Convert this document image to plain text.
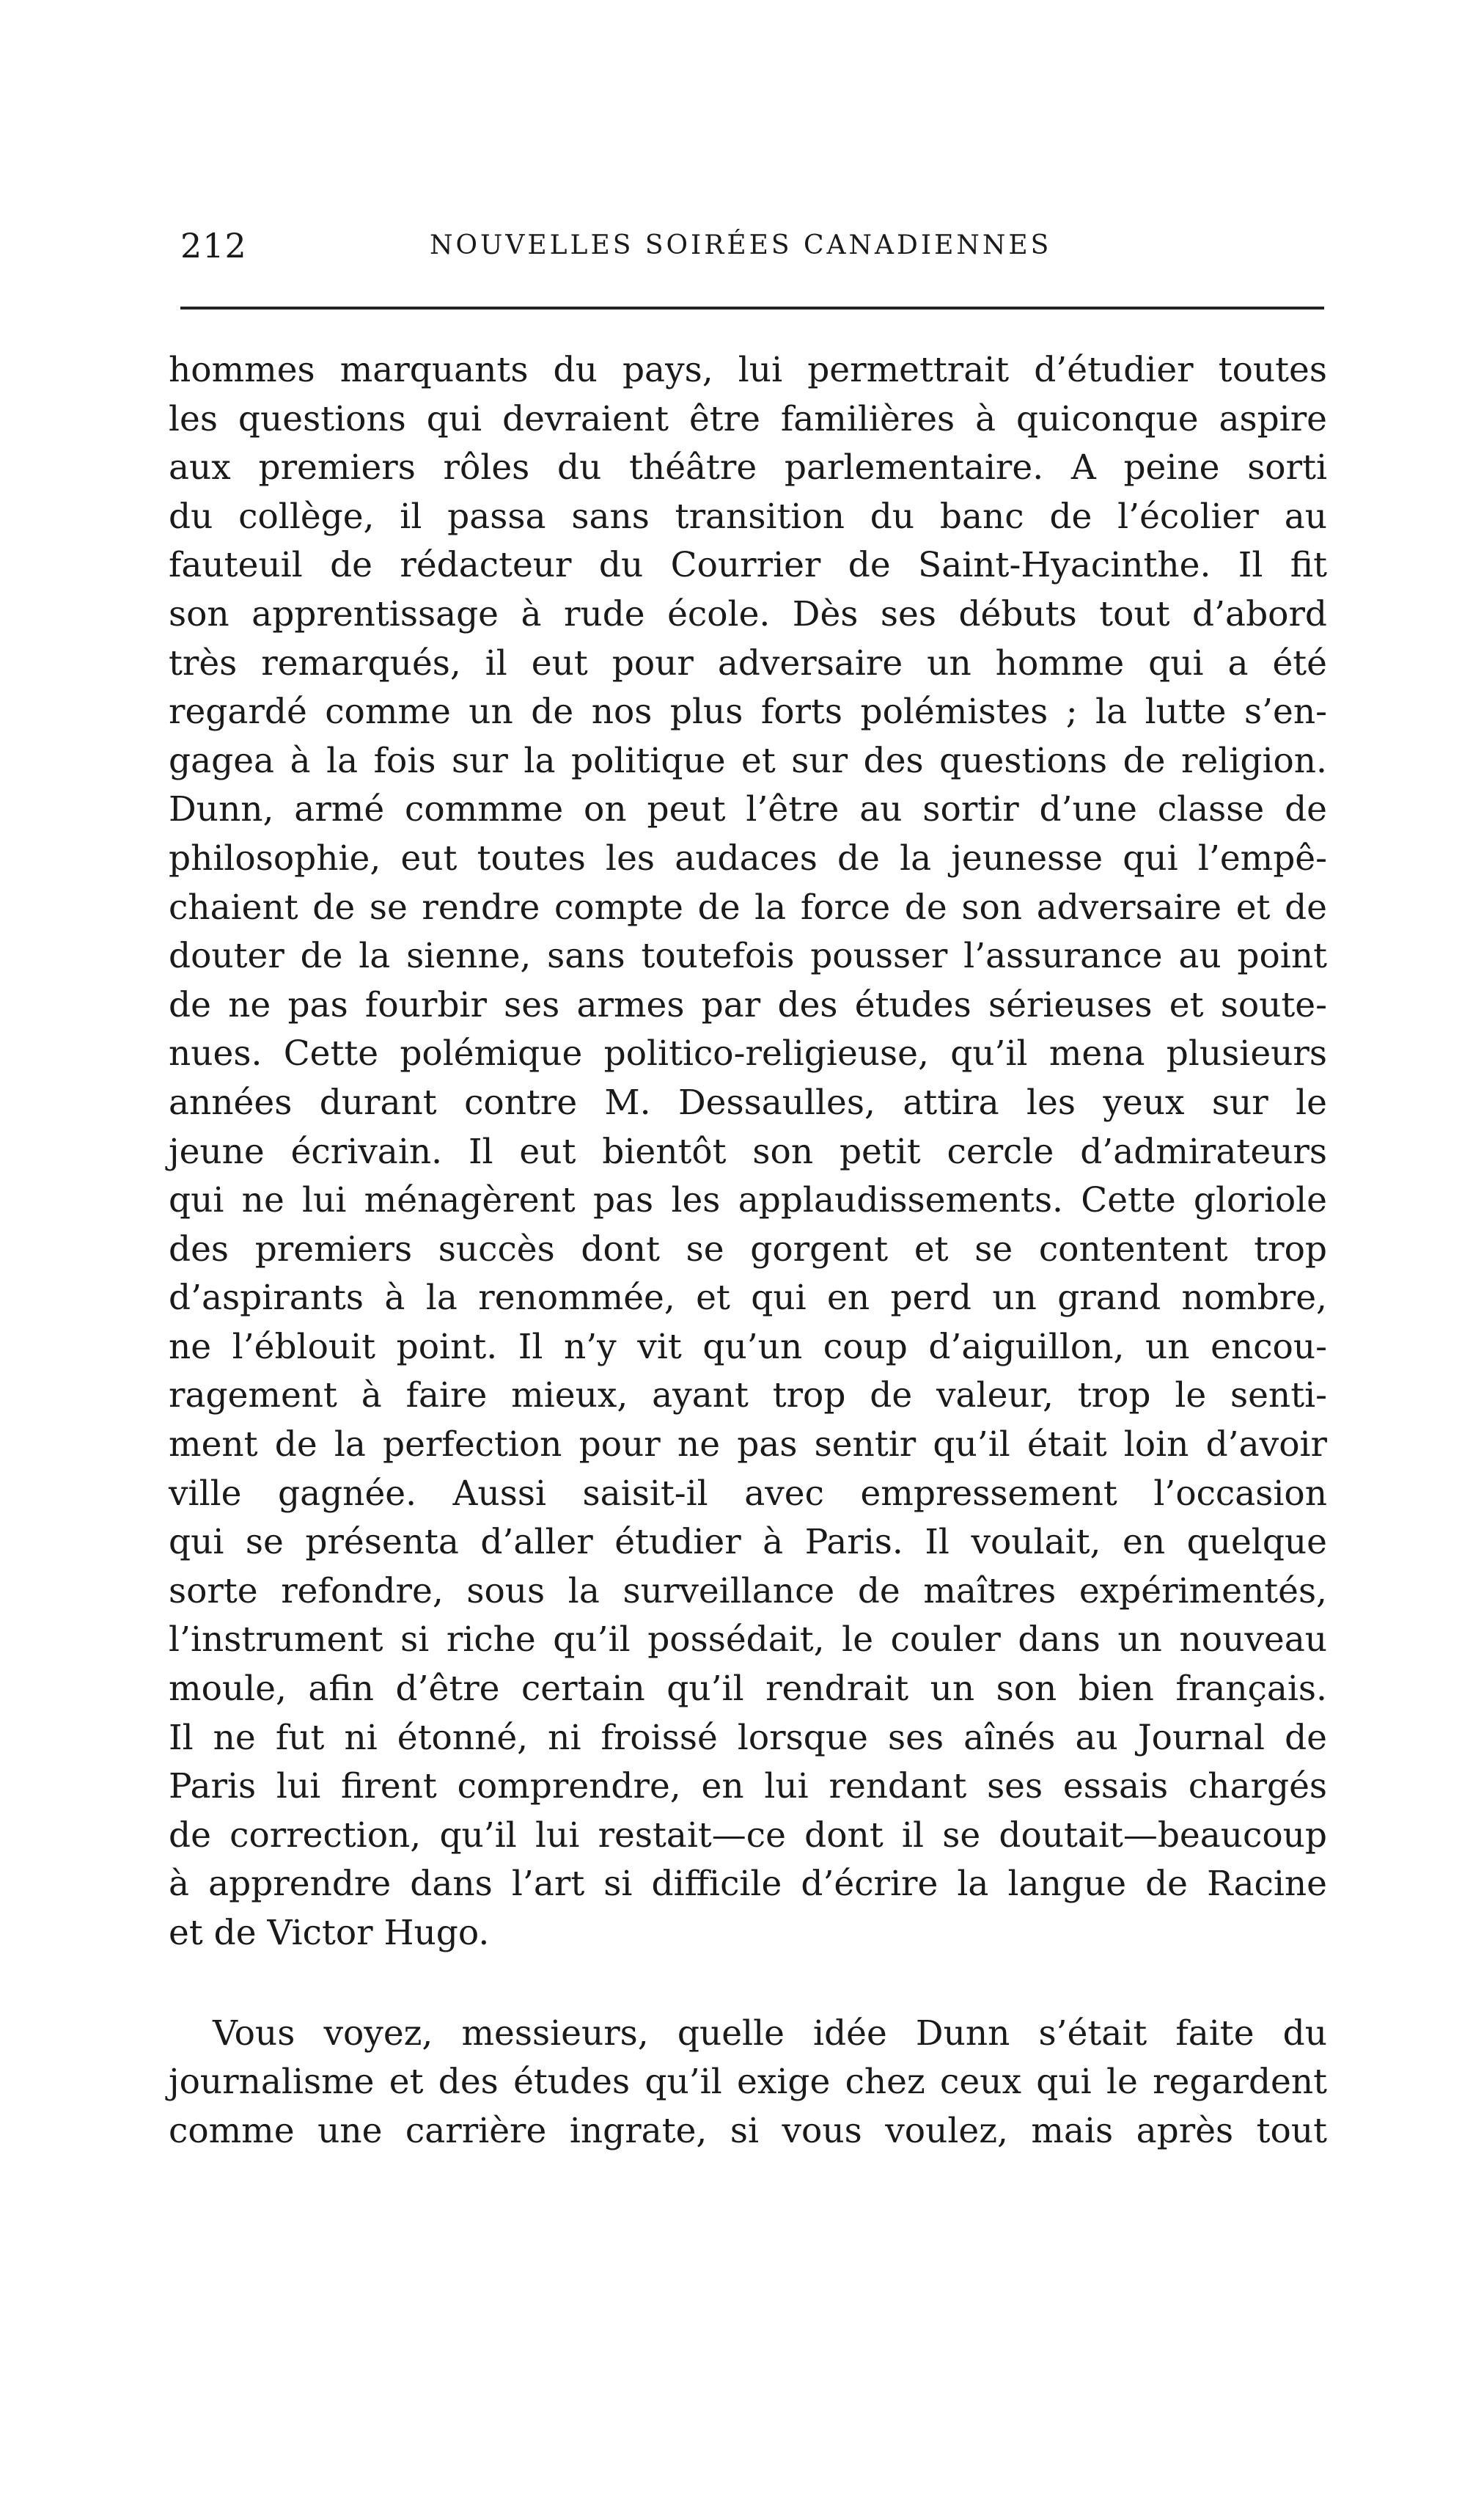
212	NOUVELLES SOIRÉES CANADIENNES
hommes marquants du pays, lui permettrait d’étudier toutes
les questions qui devraient être familières à quiconque aspire
aux premiers rôles du théâtre parlementaire. A peine sorti
du collège, il passa sans transition du banc de l’écolier au
fauteuil de rédacteur du Courrier de Saint-Hyacinthe. Il fit
son apprentissage à rude école. Dès ses débuts tout d’abord
très remarqués, il eut pour adversaire un homme qui a été
regardé comme un de nos plus forts polémistes ; la lutte s’en-
gagea à la fois sur la politique et sur des questions de religion.
Dunn, armé commme on peut l’être au sortir d’une classe de
philosophie, eut toutes les audaces de la jeunesse qui l’empê-
chaient de se rendre compte de la force de son adversaire et de
douter de la sienne, sans toutefois pousser l’assurance au point
de ne pas fourbir ses armes par des études sérieuses et soute-
nues. Cette polémique politico-religieuse, qu’il mena plusieurs
années durant contre M. Dessaulles, attira les yeux sur le
jeune écrivain. Il eut bientôt son petit cercle d’admirateurs
qui ne lui ménagèrent pas les applaudissements. Cette gloriole
des premiers succès dont se gorgent et se contentent trop
d’aspirants à la renommée, et qui en perd un grand nombre,
ne l’éblouit point. Il n’y vit qu’un coup d’aiguillon, un encou-
ragement à faire mieux, ayant trop de valeur, trop le senti-
ment de la perfection pour ne pas sentir qu’il était loin d’avoir
ville gagnée. Aussi saisit-il avec empressement l’occasion
qui se présenta d’aller étudier à Paris. Il voulait, en quelque
sorte refondre, sous la surveillance de maîtres expérimentés,
l’instrument si riche qu’il possédait, le couler dans un nouveau
moule, afin d’être certain qu’il rendrait un son bien français.
Il ne fut ni étonné, ni froissé lorsque ses aînés au Journal de
Paris lui firent comprendre, en lui rendant ses essais chargés
de correction, qu’il lui restait—ce dont il se doutait—beaucoup
à apprendre dans l’art si difficile d’écrire la langue de Racine
et de Victor Hugo.
Vous voyez, messieurs, quelle idée Dunn s’était faite du
journalisme et des études qu’il exige chez ceux qui le regardent
comme une carrière ingrate, si vous voulez, mais après tout
